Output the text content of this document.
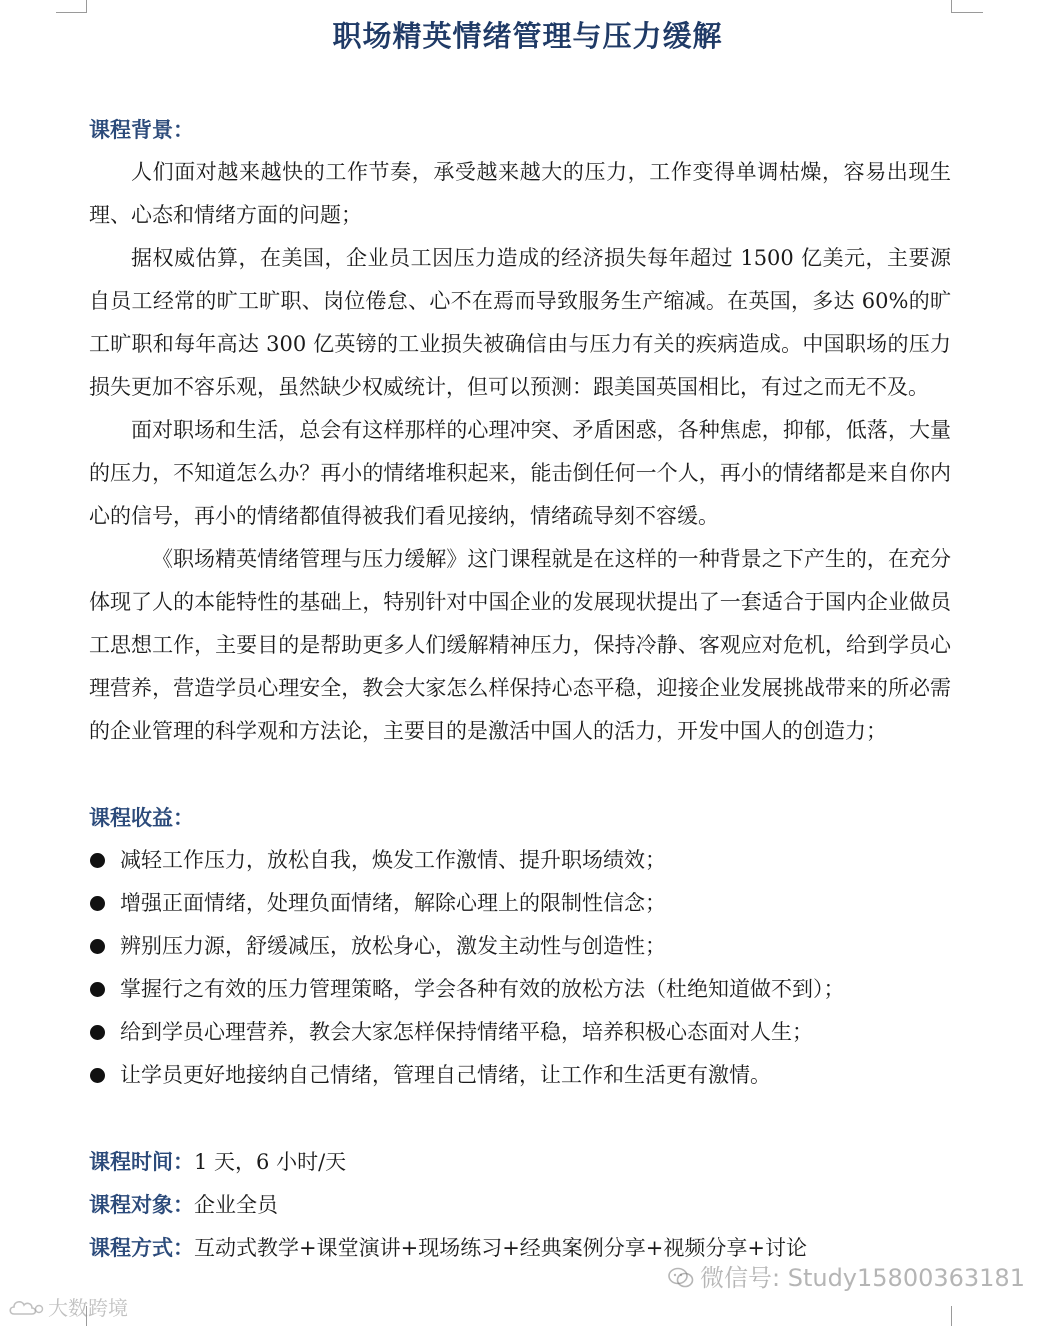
职场精英情绪管理与压力缓解
课程背景：

人们面对越来越快的工作节奏，承受越来越大的压力，工作变得单调枯燥，容易出现生理、心态和情绪方面的问题；

据权威估算，在美国，企业员工因压力造成的经济损失每年超过 1500 亿美元，主要源自员工经常的旷工旷职、岗位倦怠、心不在焉而导致服务生产缩减。在英国，多达 60%的旷工旷职和每年高达 300 亿英镑的工业损失被确信由与压力有关的疾病造成。中国职场的压力损失更加不容乐观，虽然缺少权威统计，但可以预测：跟美国英国相比，有过之而无不及。

面对职场和生活，总会有这样那样的心理冲突、矛盾困惑，各种焦虑，抑郁，低落，大量的压力，不知道怎么办？再小的情绪堆积起来，能击倒任何一个人，再小的情绪都是来自你内心的信号，再小的情绪都值得被我们看见接纳，情绪疏导刻不容缓。

《职场精英情绪管理与压力缓解》这门课程就是在这样的一种背景之下产生的，在充分体现了人的本能特性的基础上，特别针对中国企业的发展现状提出了一套适合于国内企业做员工思想工作，主要目的是帮助更多人们缓解精神压力，保持冷静、客观应对危机，给到学员心理营养，营造学员心理安全，教会大家怎么样保持心态平稳，迎接企业发展挑战带来的所必需的企业管理的科学观和方法论，主要目的是激活中国人的活力，开发中国人的创造力；

课程收益：
减轻工作压力，放松自我，焕发工作激情、提升职场绩效；
增强正面情绪，处理负面情绪，解除心理上的限制性信念；
辨别压力源，舒缓减压，放松身心，激发主动性与创造性；
掌握行之有效的压力管理策略，学会各种有效的放松方法（杜绝知道做不到）；
给到学员心理营养，教会大家怎样保持情绪平稳，培养积极心态面对人生；
让学员更好地接纳自己情绪，管理自己情绪，让工作和生活更有激情。
课程时间：1 天，6 小时/天
课程对象：企业全员
课程方式：互动式教学+课堂演讲+现场练习+经典案例分享+视频分享+讨论
微信号: Study15800363181
大数跨境
